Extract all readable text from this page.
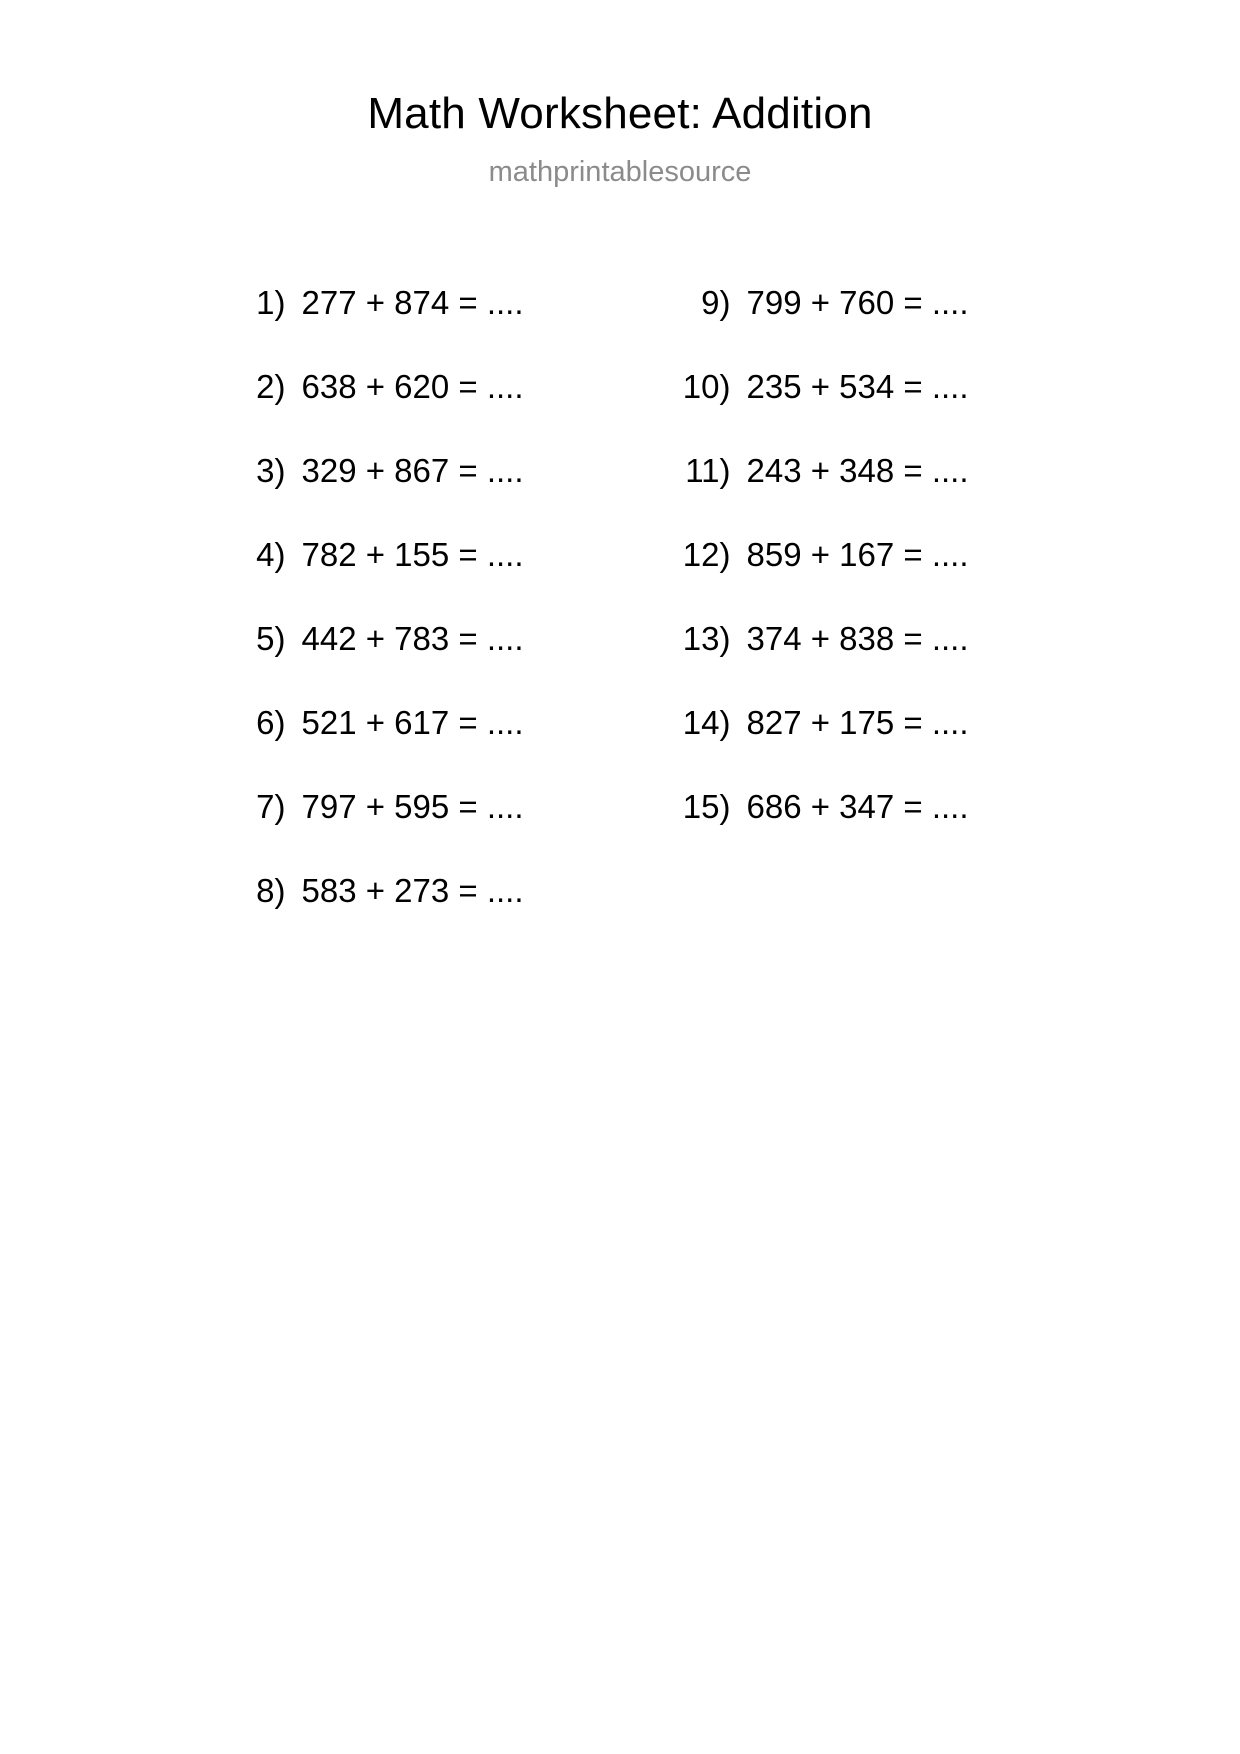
Math Worksheet: Addition
mathprintablesource
1) 277 + 874 = ....
2) 638 + 620 = ....
3) 329 + 867 = ....
4) 782 + 155 = ....
5) 442 + 783 = ....
6) 521 + 617 = ....
7) 797 + 595 = ....
8) 583 + 273 = ....
9) 799 + 760 = ....
10) 235 + 534 = ....
11) 243 + 348 = ....
12) 859 + 167 = ....
13) 374 + 838 = ....
14) 827 + 175 = ....
15) 686 + 347 = ....
